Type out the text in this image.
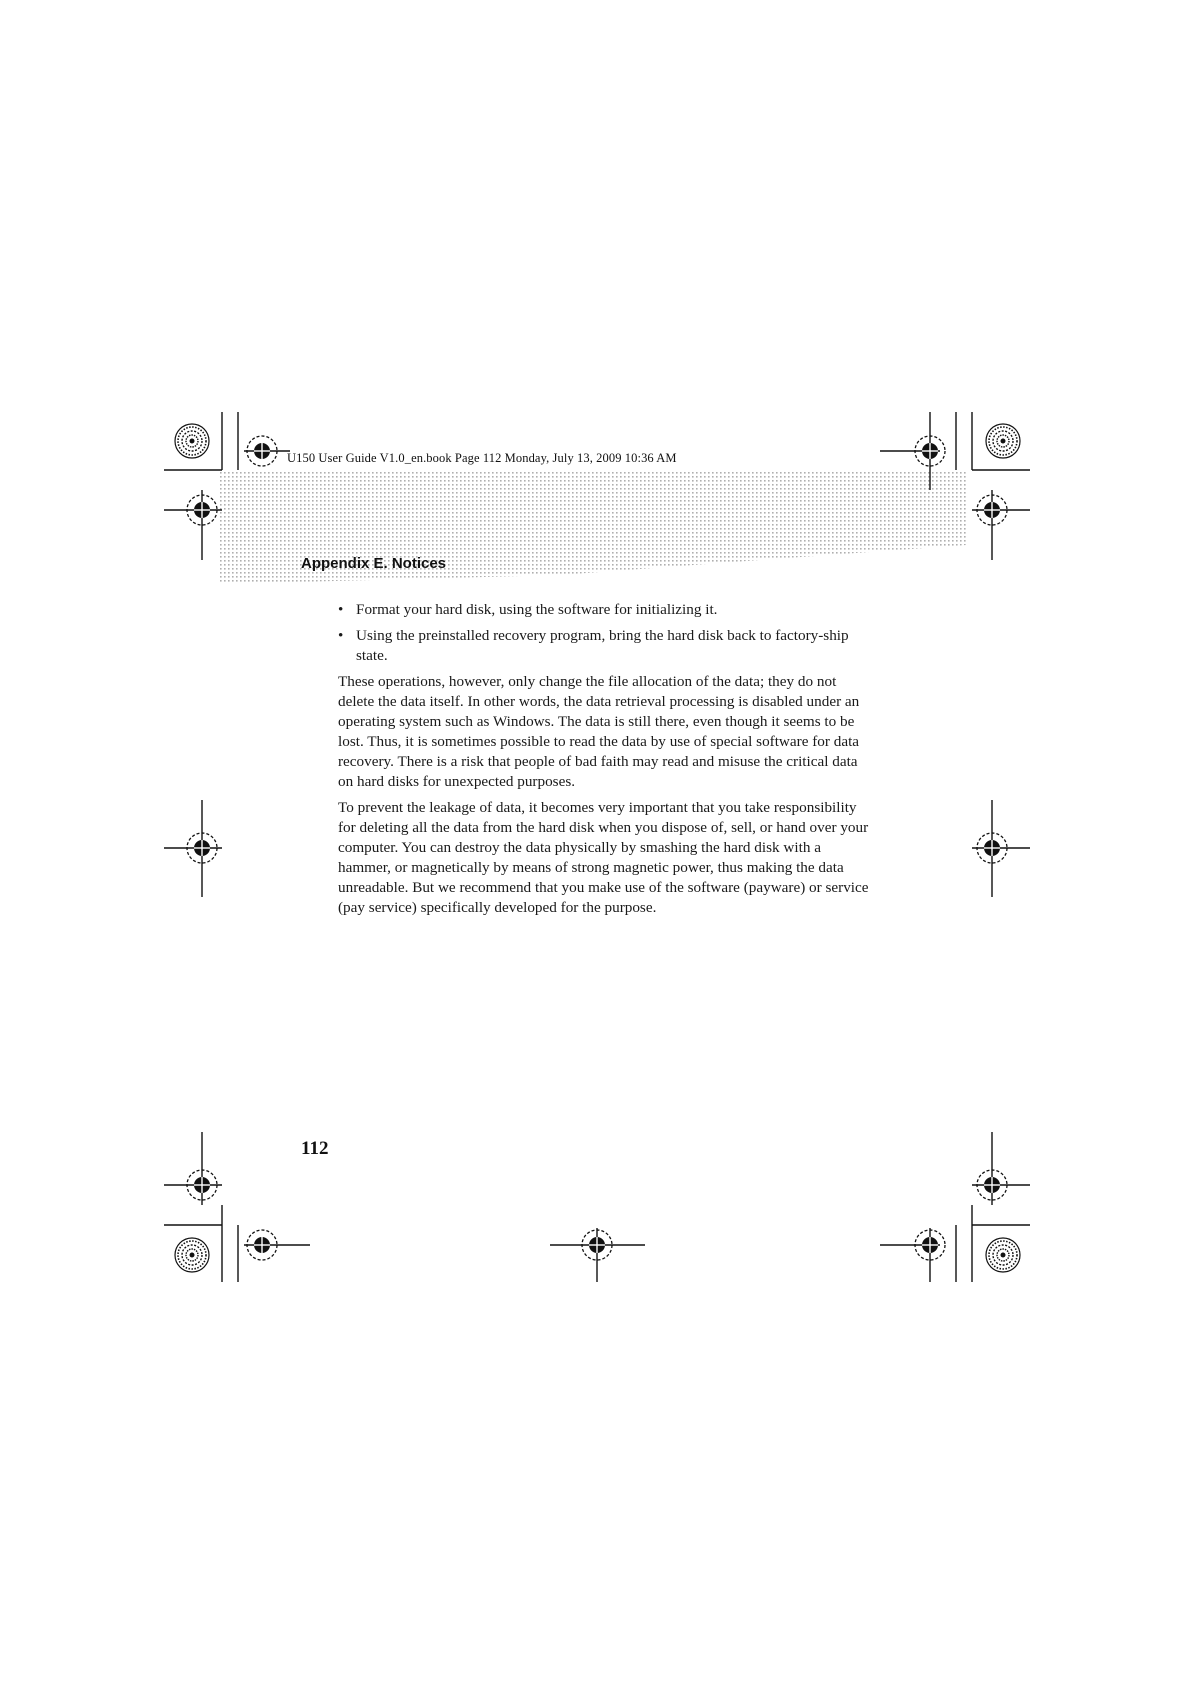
U150 User Guide V1.0_en.book Page 112 Monday, July 13, 2009 10:36 AM
Appendix E. Notices
• Format your hard disk, using the software for initializing it.
• Using the preinstalled recovery program, bring the hard disk back to factory-ship state.

These operations, however, only change the file allocation of the data; they do not delete the data itself. In other words, the data retrieval processing is disabled under an operating system such as Windows. The data is still there, even though it seems to be lost. Thus, it is sometimes possible to read the data by use of special software for data recovery. There is a risk that people of bad faith may read and misuse the critical data on hard disks for unexpected purposes.

To prevent the leakage of data, it becomes very important that you take responsibility for deleting all the data from the hard disk when you dispose of, sell, or hand over your computer. You can destroy the data physically by smashing the hard disk with a hammer, or magnetically by means of strong magnetic power, thus making the data unreadable. But we recommend that you make use of the software (payware) or service (pay service) specifically developed for the purpose.

112
